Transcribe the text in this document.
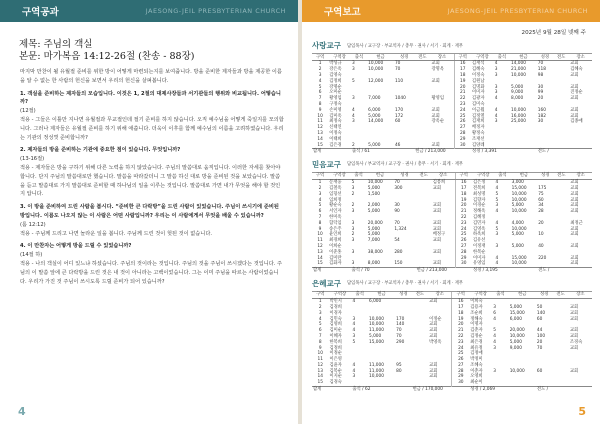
구역공과	JAESONG-JEIL PRESBYTERIAN CHURCH
제목: 주님의 객실
본문: 마가복음 14:12-26절 (찬송 - 88장)

마지막 만찬이 될 유월절 준비를 위한 방이 어떻게 마련되는지를 보여줍니다. 방을 준비한 제자들과 방을 제공한 이름을 알 수 없는 한 사람의 헌신을 보면서 우리의 헌신을 살펴봅니다.

1. 객실을 준비하는 제자들의 모습입니다. 이것은 1, 2절의 대제사장들과 서기관들의 행위와 비교됩니다. 어떻습니까?
(12절)
적용 - 그들은 이틀만 지나면 유월절과 무교절인데 절기 준비를 하지 않습니다. 오직 예수님을 어떻게 죽일지를 모의합니다. 그러나 제자들은 유월절 준비를 하기 위해 애씁니다. 더욱이 이후를 함께 예수님의 이름을 고려하였습니다. 우리는 기관의 정성껏 준비합니까?

2. 제자들의 방을 준비하는 기관에 중요한 점이 있습니다. 무엇입니까?
(13-16절)
적용 - 제자들은 방을 구하기 위해 다른 노력을 하지 않았습니다. 주님의 말씀대로 움직입니다. 이러한 자세를 찾아야 합니다. 단지 주님의 말씀대로만 했습니다. 말씀을 따라갔더니 그 말씀 하신 대로 방을 준비된 것을 보았습니다. 말씀을 듣고 말씀대로 가지 말씀대로 준비할 때 하나님의 일을 이루는 것입니다. 말씀대로 가면 내가 무엇을 해야 할 것인지 압니다.

3. 이 방을 준비하여 드린 사람을 봅시다. “준비한 큰 다락방”을 드린 사람이 있었습니다. 주님이 쓰시기에 준비된 방입니다. 이름도 나오지 않는 이 사람은 어떤 사람입니까? 우리는 이 사람에게서 무엇을 배울 수 있습니까?
(롬 12:12)
적용 - 주님께 드리고 나면 놀라운 일을 봅니다. 주님께 드린 것이 헛된 것이 없습니다.

4. 이 만찬자는 어떻게 방을 드릴 수 있었습니까?
(14절 하)
적용 - 나의 객실이 어디 있느냐 하셨습니다. 주님의 것이라는 것입니다. 주님의 것을 주님이 쓰시겠다는 것입니다. 주님의 이 말씀 앞에 큰 다락방을 드린 것은 내 것이 아니라는 고백이었습니다. 그는 이미 주님을 따르는 사람이었습니다. 우리가 가진 것 주님이 쓰시도록 드릴 준비가 되어 있습니까?

4
구역보고	JAESONG-JEIL PRESBYTERIAN CHURCH
2025년 9월 28일 넷째 주
사랑교구 담임목사 / 교구장 · 부교역자 / 총무 · 권사 / 서기 · 회계 · 재무
구역	구역장	출석	헌금	성경	전도	장소	구역	구역장	출석	헌금	성경	전도	장소
1	박성규	3	10,000	70		교회	16	김재석	4	14,000	70		교회
2	강은옥	3	10,000	70		강명옥	17	김혜숙	3	21,000	118		김혜숙
3	김영숙						18	이정숙	3	10,000	98		교회
4	김정희	5	12,000	110		교회	19	김원남					
5	강명순						20	김명화	3	5,000	30		교회
6	오미순						21	이미자	3	9,000	99		진정순
7	황영임	3	7,000	1040		황영임	22	김광자	4	8,000	20		교회
8	구정숙						23	김미숙					
9	손미영	4	6,000	170		교회	24	이금월	4	10,000	160		교회
10	김미옥	4	5,000	172		교회	25	김정열	4	16,000	182		교회
11	최정숙	3	14,000	60		강옥순	26	김재희	3	25,000	30		김종애
12	신태연						27	배정자					
13	이정숙						28	황정숙					
14	이태희						29	조재선					
15	김은경	2	5,000	46		교회	30	김양례					
합계		출석 / 61			헌금 / 213,000			성경 / 3,391			전도 /		
믿음교구 담임목사 / 부교역자 / 교구장 · 권사 / 총무 · 서기 · 회계 · 재무
구역	구역장	출석	헌금	성경	전도	장소	구역	구역장	출석	헌금	성경	전도	장소
1	문재웅	5	10,000	70		김봉희	16	김은정	4	3,000			교회
2	김철옥	3	5,000	300		교회	17	전복희	4	15,000	175		교회
3	임형선	2	1,500				18	최성명	5	10,000	75		교회
4	임희정						19	김향자	5	10,000	60		교회
5	황순숙	2	2,000	30		교회	20	이경순	3	5,000	34		교회
6	서인자	3	5,000	90		교회	21	정해옥	4	10,000	28		교회
7	한미옥						22	김혜정					
8	함덕임	3	20,000	70		교회	23	김민자	4	4,000	20		최정근
9	송은주	3	5,000	1,324		교회	24	김영옥	5	10,000			교회
10	윤인희	2	5,000			배정구	25	하옥희	3	5,000	10		교회
11	최경희	3	7,000	54		교회	26	김유선					
12	이희순						27	이정재	3	5,000	40		교회
13	이준홍	3	38,000	280		교회	28	한복순					
14	김미란						29	이미자	4	15,000	220		교회
15	김화자	3	8,000	150		교회	30	유영임	4	10,000			교회
합계		출석 / 70			헌금 / 213,000			성경 / 3,195			전도 /		
은혜교구 담임목사 / 교구장 · 부교역자 / 총무 · 권사 / 서기 · 회계 · 재무
구역	구역장	출석	헌금	성경	전도	장소	구역	구역장	출석	헌금	성경	전도	장소
1	박민지	4	6,000			교회	16	이희숙					
2	김경희						17	김용자	3	5,000	50		교회
3	이경자						18	조순희	6	15,000	140		교회
4	김민숙	3	10,000	170		이정순	19	정해숙	4	6,000	60		교회
5	김영희	4	10,000	140		교회	20	이명자					
6	김미순	4	11,000	70		교회	21	김춘자	5	20,000	44		교회
7	이혜자	3	5,000	70		교회	22	김정순	4	10,000	100		교회
8	한복희	5	15,000	290		박영옥	23	최은경	4	5,000	20		조경숙
9	김정희						24	최유정	3	9,000	70		교회
10	이정순						25	김정애					
11	이은영						26	박정미					
12	김윤자	4	11,000	95		교회	27	조혜숙					
13	김복순	4	11,000	80		교회	28	이춘자	3	10,000	60		교회
14	이지순	3	10,000			교회	29	오영희					
15	김경숙						30	최순이					
합계		출석 / 62			헌금 / 170,000			성경 / 2,069			전도 /		
5
